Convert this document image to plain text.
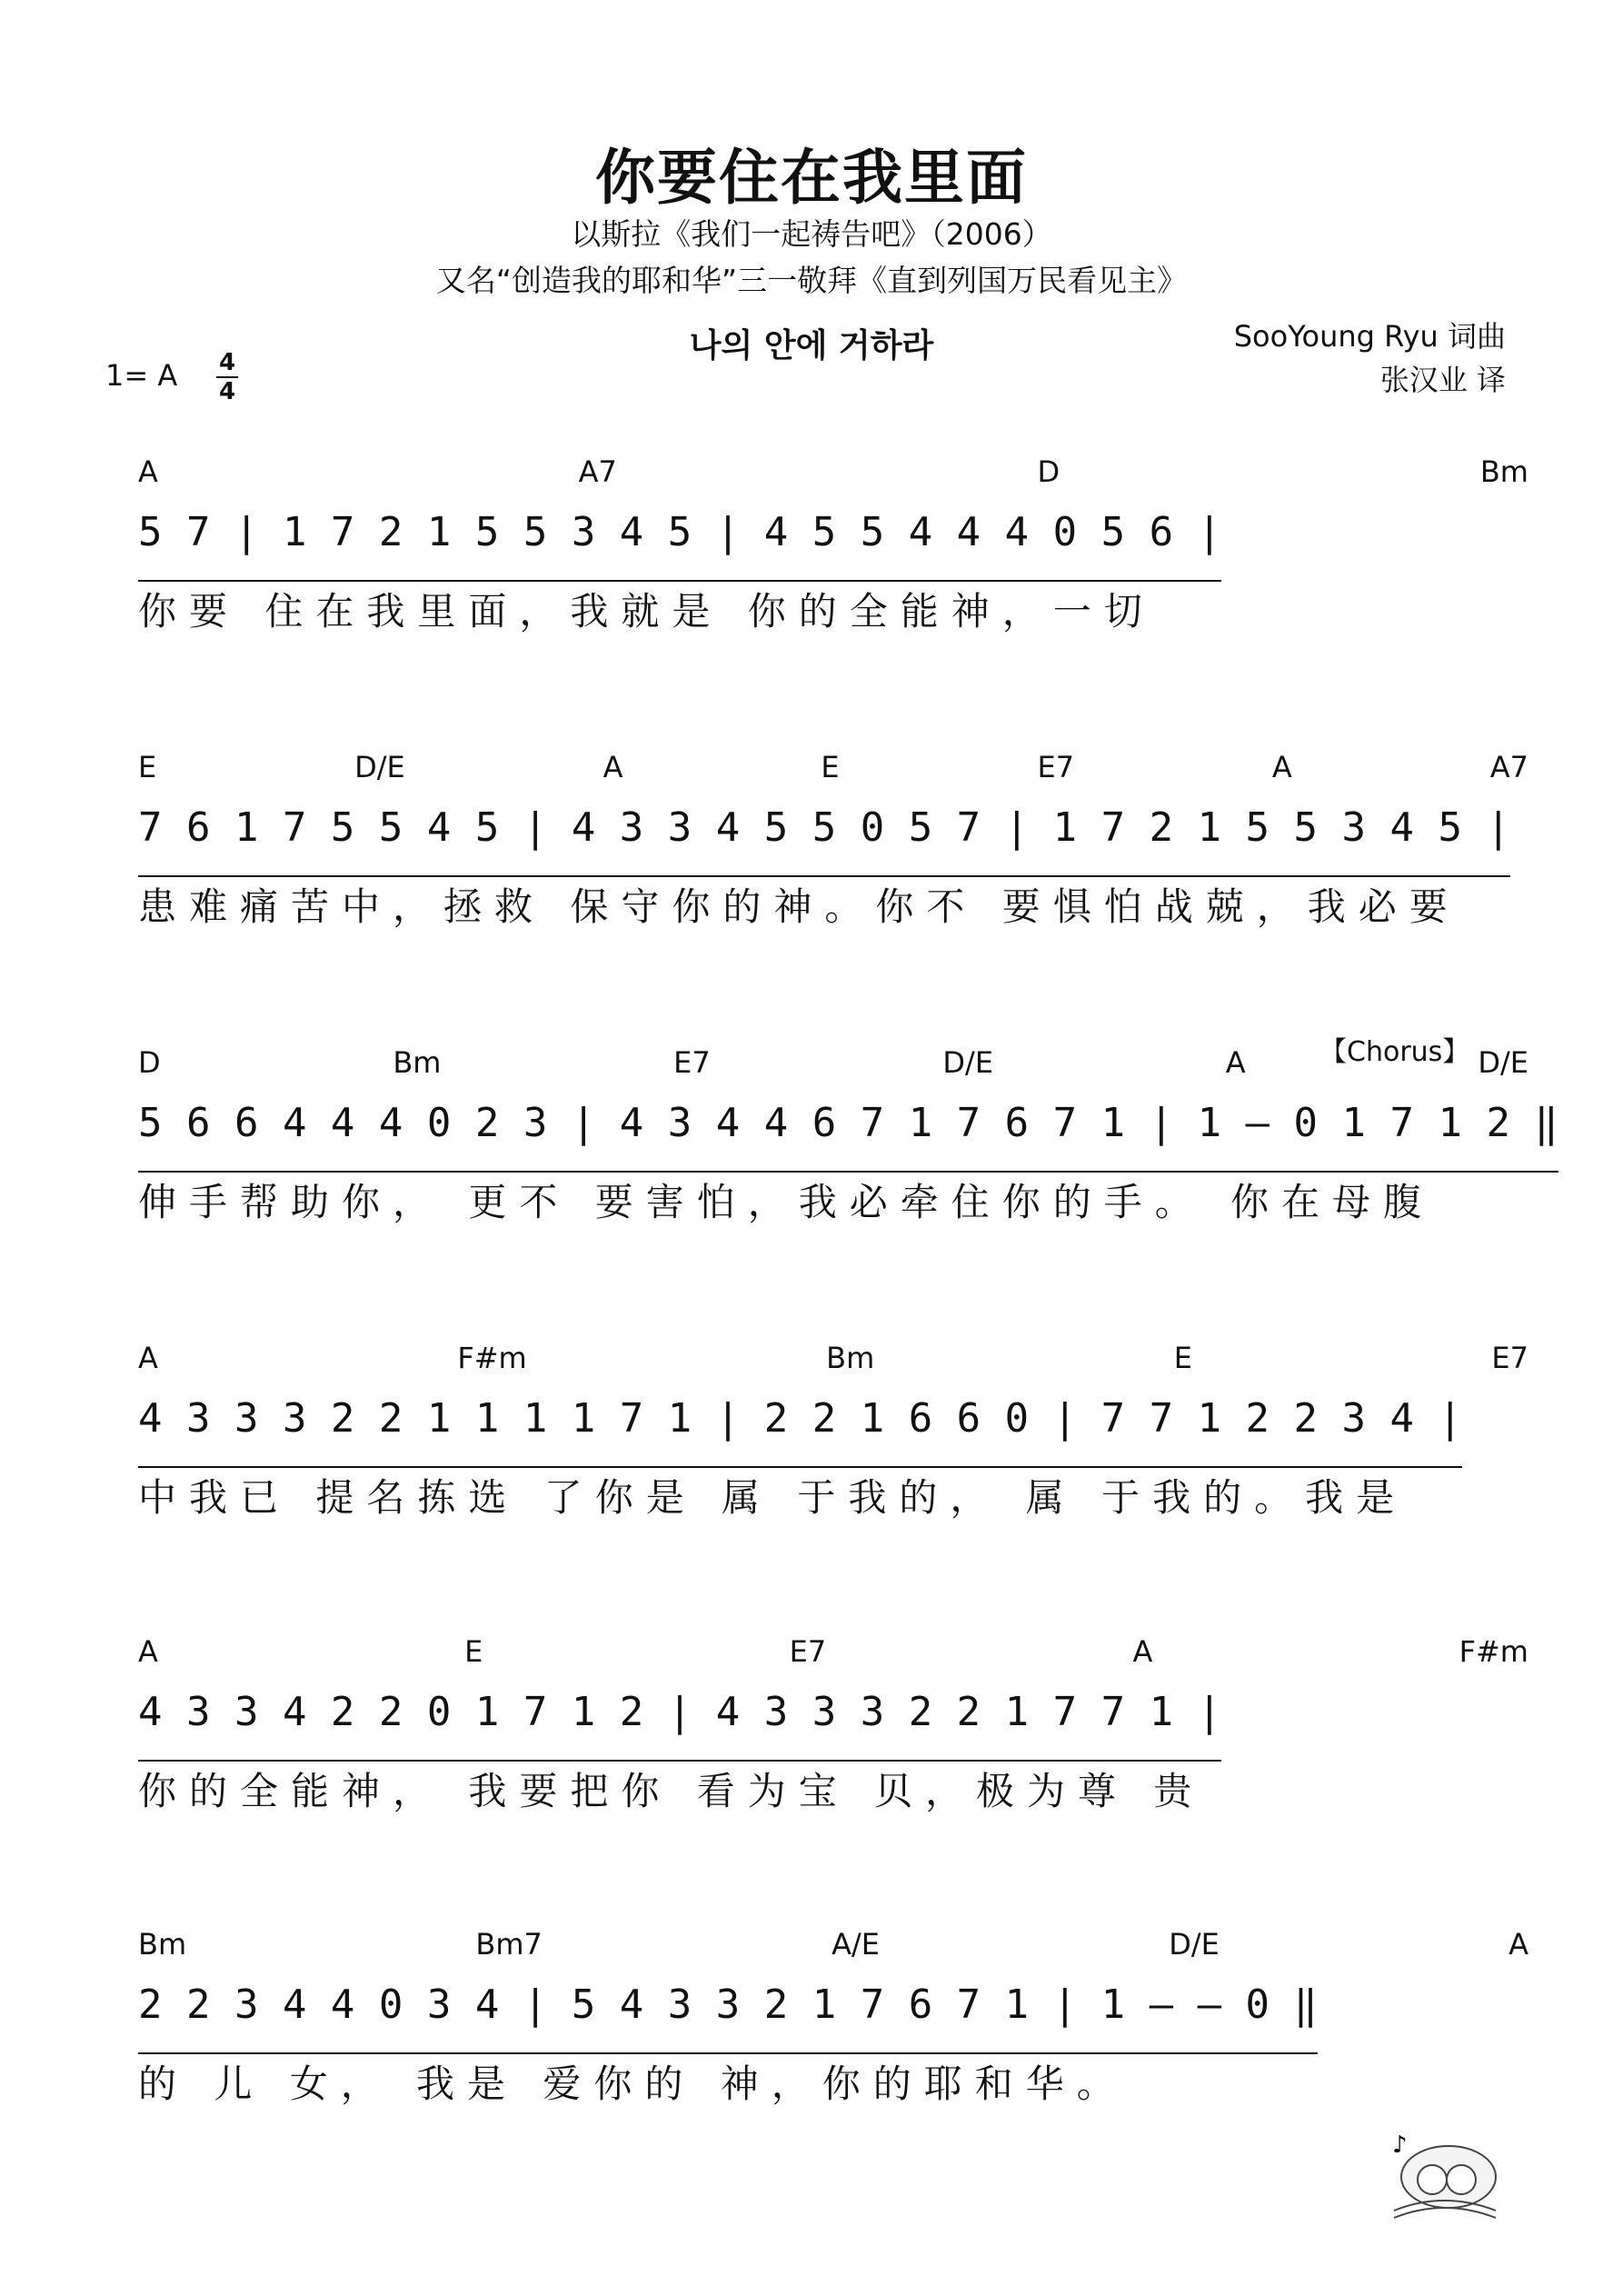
你要住在我里面
以斯拉《我们一起祷告吧》（2006）
又名“创造我的耶和华”三一敬拜《直到列国万民看见主》
나의 안에 거하라	SooYoung Ryu 词曲
张汉业 译
1= A	4
4
【Chorus】
A	A7	D	Bm
5 7 | 1 7 2 1 5 5 3 4 5 | 4 5 5 4 4 4 0 5 6 |
你要 住在我里面，我就是 你的全能神，一切
E	D/E	A	E	E7	A	A7
7 6 1 7 5 5 4 5 | 4 3 3 4 5 5 0 5 7 | 1 7 2 1 5 5 3 4 5 |
患难痛苦中，拯救 保守你的神。你不 要惧怕战兢，我必要
D	Bm	E7	D/E	A	D/E
5 6 6 4 4 4 0 2 3 | 4 3 4 4 6 7 1 7 6 7 1 | 1 – 0 1 7 1 2 ‖
伸手帮助你， 更不 要害怕，我必牵住你的手。 你在母腹
A	F#m	Bm	E	E7
4 3 3 3 2 2 1 1 1 1 7 1 | 2 2 1 6 6 0 | 7 7 1 2 2 3 4 |
中我已 提名拣选 了你是 属 于我的， 属 于我的。我是
A	E	E7	A	F#m
4 3 3 4 2 2 0 1 7 1 2 | 4 3 3 3 2 2 1 7 7 1 |
你的全能神， 我要把你 看为宝 贝，极为尊 贵
Bm	Bm7	A/E	D/E	A
2 2 3 4 4 0 3 4 | 5 4 3 3 2 1 7 6 7 1 | 1 – – 0 ‖
的 儿 女， 我是 爱你的 神，你的耶和华。
♪
